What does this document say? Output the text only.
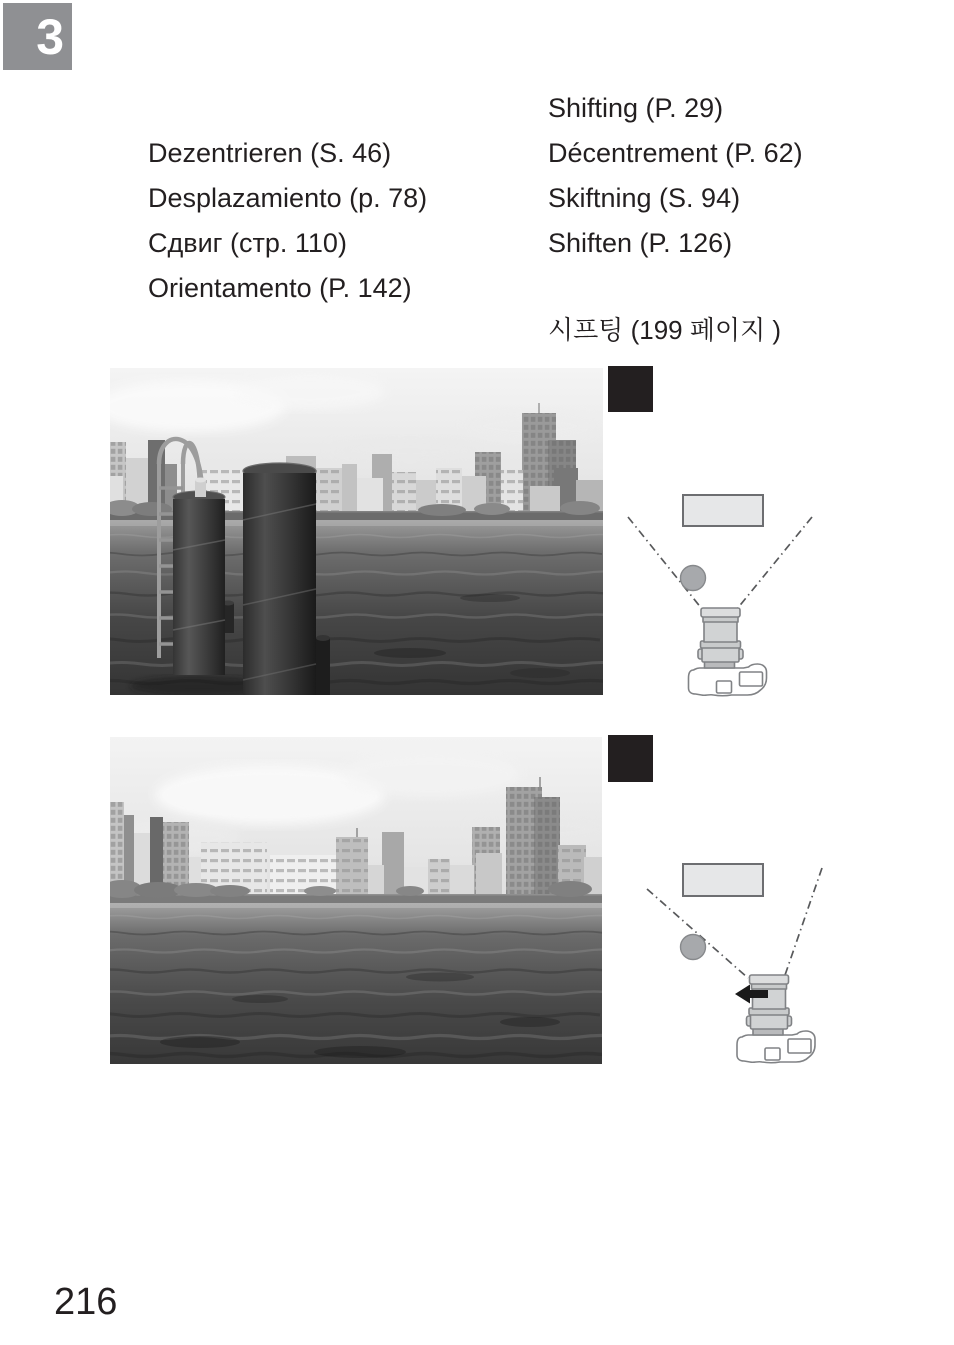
3
Shifting (P. 29)
Décentrement (P. 62)
Skiftning (S. 94)
Shiften (P. 126)
Dezentrieren (S. 46)
Desplazamiento (p. 78)
Сдвиг (стр. 110)
Orientamento (P. 142)
시프팅 (199 페이지 )
216
